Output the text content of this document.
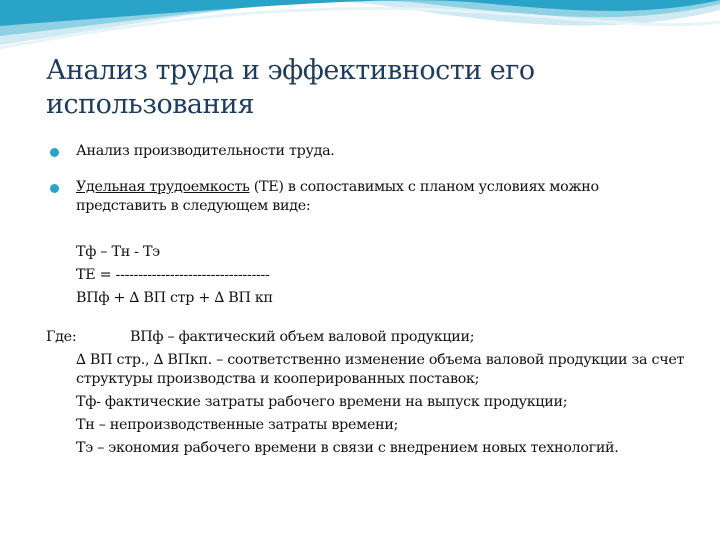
Анализ труда и эффективности его использования
Анализ производительности труда.
Удельная трудоемкость (ТЕ) в сопоставимых с планом условиях можно представить в следующем виде:
Тф – Тн - Тэ
ТЕ = ----------------------------------
ВПф + ∆ ВП стр + ∆ ВП кп
Где:	ВПф – фактический объем валовой продукции;
∆ ВП стр., ∆ ВПкп. – соответственно изменение объема валовой продукции за счет структуры производства и кооперированных поставок;
Тф- фактические затраты рабочего времени на выпуск продукции;
Тн – непроизводственные затраты времени;
Тэ – экономия рабочего времени в связи с внедрением новых технологий.
